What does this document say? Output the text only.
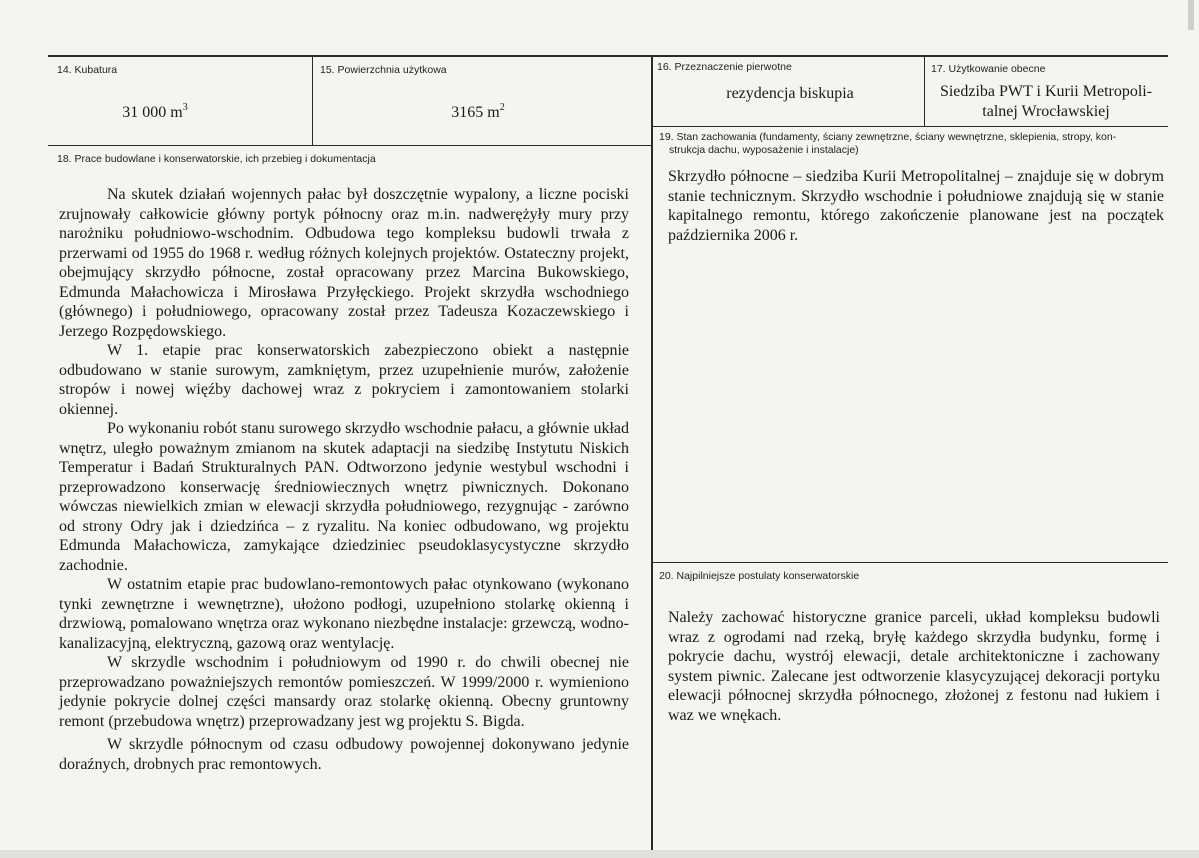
14. Kubatura
31 000 $m^3$
15. Powierzchnia użytkowa
3165 $m^2$
16. Przeznaczenie pierwotne
rezydencja biskupia
17. Użytkowanie obecne
Siedziba PWT i Kurii Metropoli-
talnej Wrocławskiej
18. Prace budowlane i konserwatorskie, ich przebieg i dokumentacja

Na skutek działań wojennych pałac był doszczętnie wypalony, a liczne pociski zrujnowały całkowicie główny portyk północny oraz m.in. nadwerężyły mury przy narożniku południowo-wschodnim. Odbudowa tego kompleksu budowli trwała z przerwami od 1955 do 1968 r. według różnych kolejnych projektów. Ostateczny projekt, obejmujący skrzydło północne, został opracowany przez Marcina Bukowskiego, Edmunda Małachowicza i Mirosława Przyłęckiego. Projekt skrzydła wschodniego (głównego) i południowego, opracowany został przez Tadeusza Kozaczewskiego i Jerzego Rozpędowskiego.

W 1. etapie prac konserwatorskich zabezpieczono obiekt a następnie odbudowano w stanie surowym, zamkniętym, przez uzupełnienie murów, założenie stropów i nowej więźby dachowej wraz z pokryciem i zamontowaniem stolarki okiennej.

Po wykonaniu robót stanu surowego skrzydło wschodnie pałacu, a głównie układ wnętrz, uległo poważnym zmianom na skutek adaptacji na siedzibę Instytutu Niskich Temperatur i Badań Strukturalnych PAN. Odtworzono jedynie westybul wschodni i przeprowadzono konserwację średniowiecznych wnętrz piwnicznych. Dokonano wówczas niewielkich zmian w elewacji skrzydła południowego, rezygnując - zarówno od strony Odry jak i dziedzińca – z ryzalitu. Na koniec odbudowano, wg projektu Edmunda Małachowicza, zamykające dziedziniec pseudoklasycystyczne skrzydło zachodnie.

W ostatnim etapie prac budowlano-remontowych pałac otynkowano (wykonano tynki zewnętrzne i wewnętrzne), ułożono podłogi, uzupełniono stolarkę okienną i drzwiową, pomalowano wnętrza oraz wykonano niezbędne instalacje: grzewczą, wodno-kanalizacyjną, elektryczną, gazową oraz wentylację.

W skrzydle wschodnim i południowym od 1990 r. do chwili obecnej nie przeprowadzano poważniejszych remontów pomieszczeń. W 1999/2000 r. wymieniono jedynie pokrycie dolnej części mansardy oraz stolarkę okienną. Obecny gruntowny remont (przebudowa wnętrz) przeprowadzany jest wg projektu S. Bigda.

W skrzydle północnym od czasu odbudowy powojennej dokonywano jedynie doraźnych, drobnych prac remontowych.

19. Stan zachowania (fundamenty, ściany zewnętrzne, ściany wewnętrzne, sklepienia, stropy, kon-
strukcja dachu, wyposażenie i instalacje)
Skrzydło północne – siedziba Kurii Metropolitalnej – znajduje się w dobrym stanie technicznym. Skrzydło wschodnie i południowe znajdują się w stanie kapitalnego remontu, którego zakończenie planowane jest na początek października 2006 r.
20. Najpilniejsze postulaty konserwatorskie
Należy zachować historyczne granice parceli, układ kompleksu budowli wraz z ogrodami nad rzeką, bryłę każdego skrzydła budynku, formę i pokrycie dachu, wystrój elewacji, detale architektoniczne i zachowany system piwnic. Zalecane jest odtworzenie klasycyzującej dekoracji portyku elewacji północnej skrzydła północnego, złożonej z festonu nad łukiem i waz we wnękach.
